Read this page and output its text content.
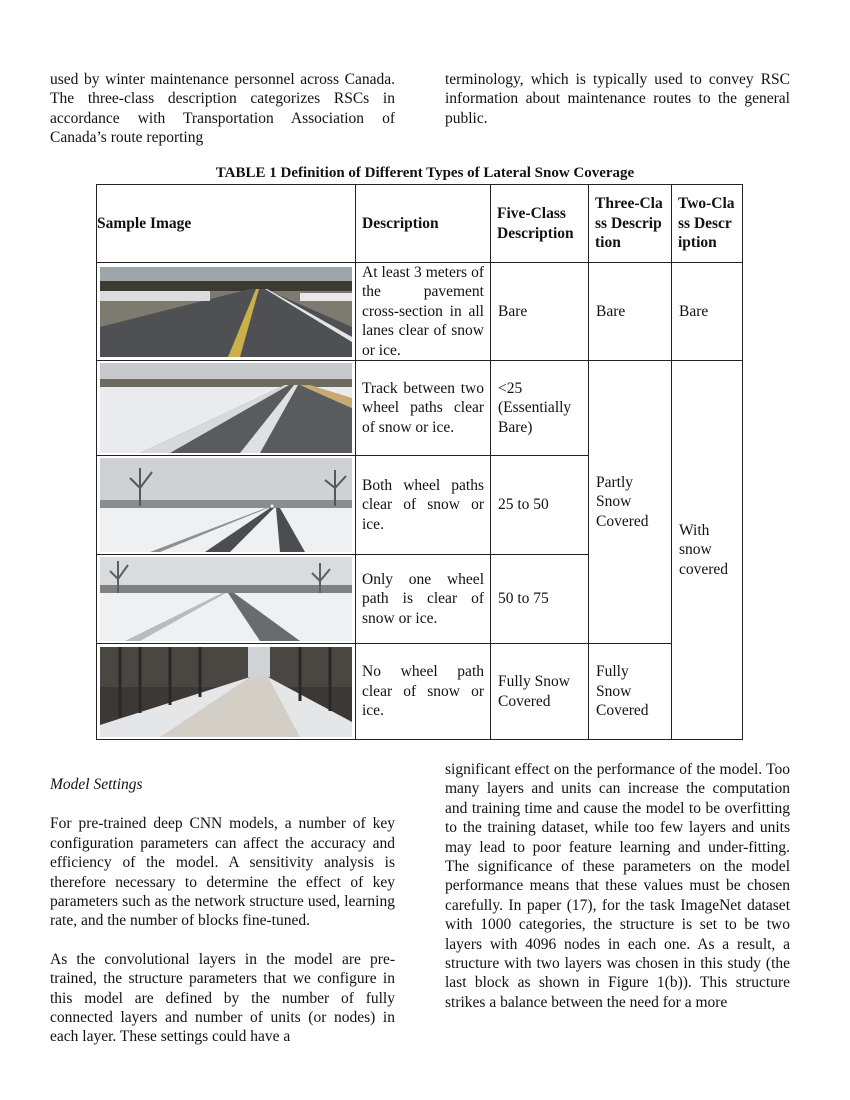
used by winter maintenance personnel across Canada. The three-class description categorizes RSCs in accordance with Transportation Association of Canada’s route reporting

terminology, which is typically used to convey RSC information about maintenance routes to the general public.

TABLE 1 Definition of Different Types of Lateral Snow Coverage
Sample Image	Description	Five-Class Description	Three-Class Description	Two-Class Description

	At least 3 meters of the pavement cross-section in all lanes clear of snow or ice.	Bare	Bare	Bare

	Track between two wheel paths clear of snow or ice.	<25 (Essentially Bare)	Partly Snow Covered	With snow covered

	Both wheel paths clear of snow or ice.	25 to 50		

	Only one wheel path is clear of snow or ice.	50 to 75		

	No wheel path clear of snow or ice.	Fully Snow Covered	Fully Snow Covered	

Model Settings

For pre-trained deep CNN models, a number of key configuration parameters can affect the accuracy and efficiency of the model. A sensitivity analysis is therefore necessary to determine the effect of key parameters such as the network structure used, learning rate, and the number of blocks fine-tuned.

As the convolutional layers in the model are pre-trained, the structure parameters that we configure in this model are defined by the number of fully connected layers and number of units (or nodes) in each layer. These settings could have a

significant effect on the performance of the model. Too many layers and units can increase the computation and training time and cause the model to be overfitting to the training dataset, while too few layers and units may lead to poor feature learning and under-fitting. The significance of these parameters on the model performance means that these values must be chosen carefully. In paper (17), for the task ImageNet dataset with 1000 categories, the structure is set to be two layers with 4096 nodes in each one. As a result, a structure with two layers was chosen in this study (the last block as shown in Figure 1(b)). This structure strikes a balance between the need for a more
